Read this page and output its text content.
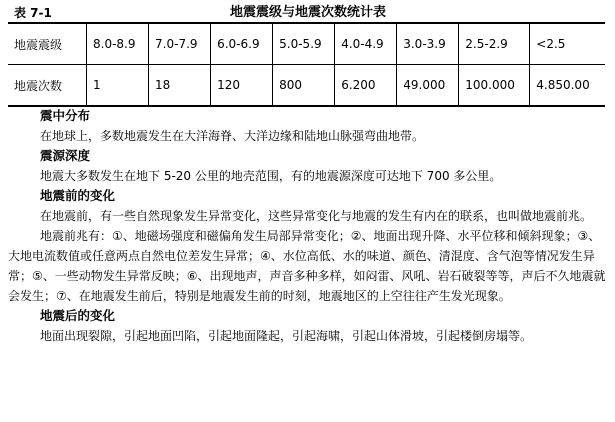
表 7-1	地震震级与地震次数统计表
地震震级	8.0-8.9	7.0-7.9	6.0-6.9	5.0-5.9	4.0-4.9	3.0-3.9	2.5-2.9	<2.5
地震次数	1	18	120	800	6.200	49.000	100.000	4.850.00
震中分布

在地球上，多数地震发生在大洋海脊、大洋边缘和陆地山脉强弯曲地带。

震源深度

地震大多数发生在地下 5-20 公里的地壳范围，有的地震源深度可达地下 700 多公里。

地震前的变化

在地震前，有一些自然现象发生异常变化，这些异常变化与地震的发生有内在的联系，也叫做地震前兆。

地震前兆有：①、地磁场强度和磁偏角发生局部异常变化；②、地面出现升降、水平位移和倾斜现象；③、大地电流数值或任意两点自然电位差发生异常；④、水位高低、水的味道、颜色、清混度、含气泡等情况发生异常；⑤、一些动物发生异常反映；⑥、出现地声，声音多种多样，如闷雷、风吼、岩石破裂等等，声后不久地震就会发生；⑦、在地震发生前后，特别是地震发生前的时刻，地震地区的上空往往产生发光现象。

地震后的变化

地面出现裂隙，引起地面凹陷，引起地面隆起，引起海啸，引起山体滑坡，引起楼倒房塌等。
